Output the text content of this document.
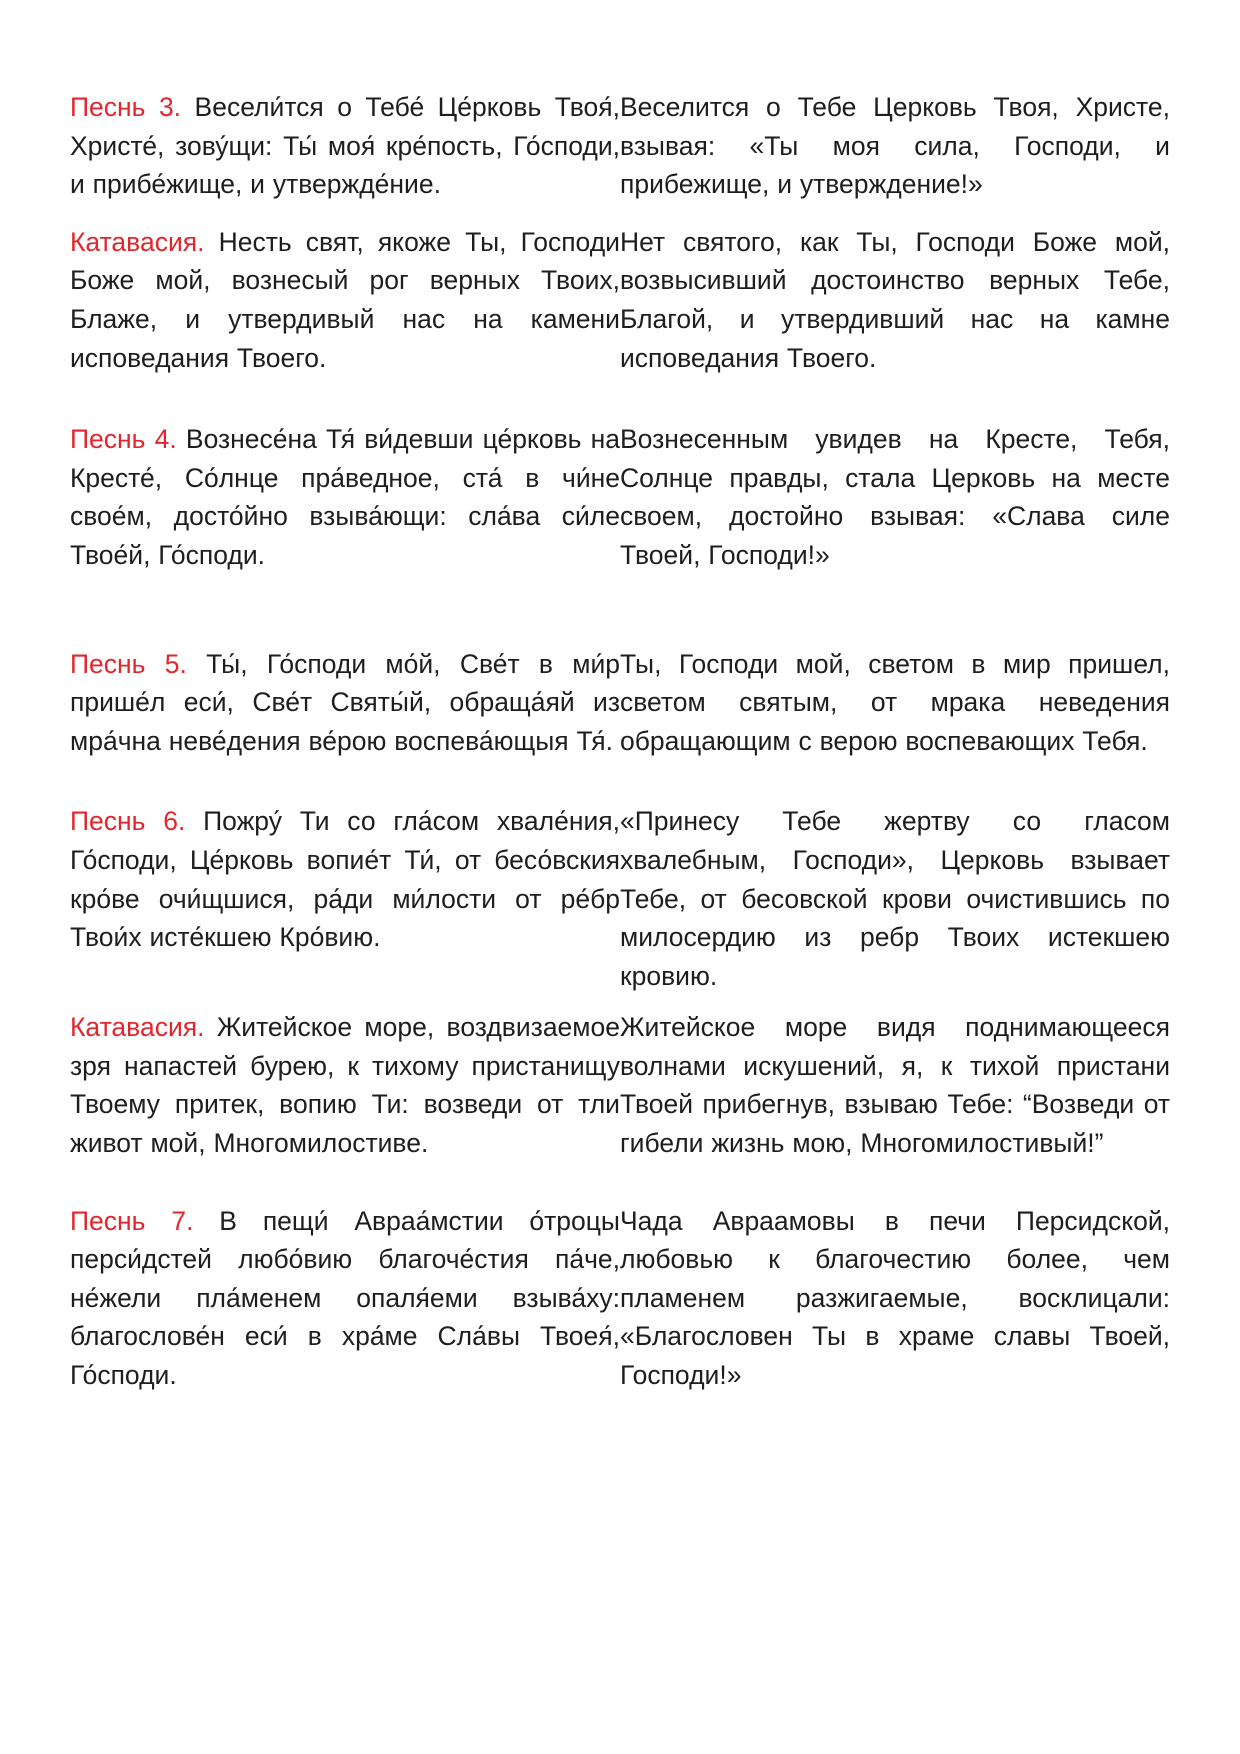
Песнь 3. Весели́тся о Тебе́ Це́рковь Твоя́, Христе́, зову́щи: Ты́ моя́ кре́пость, Го́споди, и прибе́жище, и утвержде́ние.
Веселится о Тебе Церковь Твоя, Христе, взывая: «Ты моя сила, Господи, и прибежище, и утверждение!»
Катавасия. Несть свят, якоже Ты, Господи Боже мой, вознесый рог верных Твоих, Блаже, и утвердивый нас на камени исповедания Твоего.
Нет святого, как Ты, Господи Боже мой, возвысивший достоинство верных Тебе, Благой, и утвердивший нас на камне исповедания Твоего.
Песнь 4. Вознесе́на Тя́ ви́девши це́рковь на Кресте́, Со́лнце пра́ведное, ста́ в чи́не свое́м, досто́йно взыва́ющи: сла́ва си́ле Твое́й, Го́споди.
Вознесенным увидев на Кресте, Тебя, Солнце правды, стала Церковь на месте своем, достойно взывая: «Слава силе Твоей, Господи!»
Песнь 5. Ты́, Го́споди мо́й, Све́т в ми́р прише́л еси́, Све́т Святы́й, обраща́яй из мра́чна неве́дения ве́рою воспева́ющыя Тя́.
Ты, Господи мой, светом в мир пришел, светом святым, от мрака неведения обращающим с верою воспевающих Тебя.
Песнь 6. Пожру́ Ти со гла́сом хвале́ния, Го́споди, Це́рковь вопие́т Ти́, от бесо́вския кро́ве очи́щшися, ра́ди ми́лости от ре́бр Твои́х исте́кшею Кро́вию.
«Принесу Тебе жертву со гласом хвалебным, Господи», Церковь взывает Тебе, от бесовской крови очистившись по милосердию из ребр Твоих истекшею кровию.
Катавасия. Житейское море, воздвизаемое зря напастей бурею, к тихому пристанищу Твоему притек, вопию Ти: возведи от тли живот мой, Многомилостиве.
Житейское море видя поднимающееся волнами искушений, я, к тихой пристани Твоей прибегнув, взываю Тебе: “Возведи от гибели жизнь мою, Многомилостивый!”
Песнь 7. В пещи́ Авраа́мстии о́троцы перси́дстей любо́вию благоче́стия па́че, не́жели пла́менем опаля́еми взыва́ху: благослове́н еси́ в хра́ме Сла́вы Твоея́, Го́споди.
Чада Авраамовы в печи Персидской, любовью к благочестию более, чем пламенем разжигаемые, восклицали: «Благословен Ты в храме славы Твоей, Господи!»
